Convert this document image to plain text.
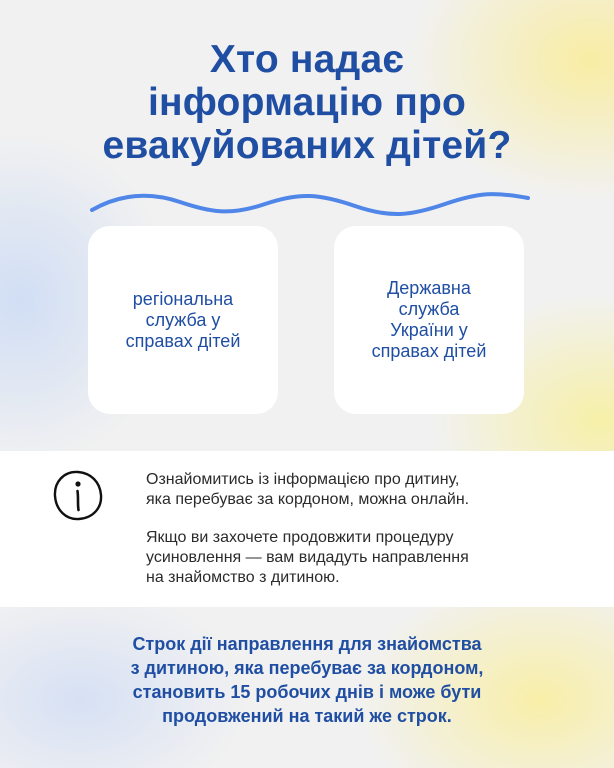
Хто надає
інформацію про
евакуйованих дітей?
регіональна
служба у
справах дітей
Державна
служба
України у
справах дітей

Ознайомитись із інформацією про дитину,
яка перебуває за кордоном, можна онлайн.

Якщо ви захочете продовжити процедуру
усиновлення — вам видадуть направлення
на знайомство з дитиною.

Строк дії направлення для знайомства
з дитиною, яка перебуває за кордоном,
становить 15 робочих днів і може бути
продовжений на такий же строк.
